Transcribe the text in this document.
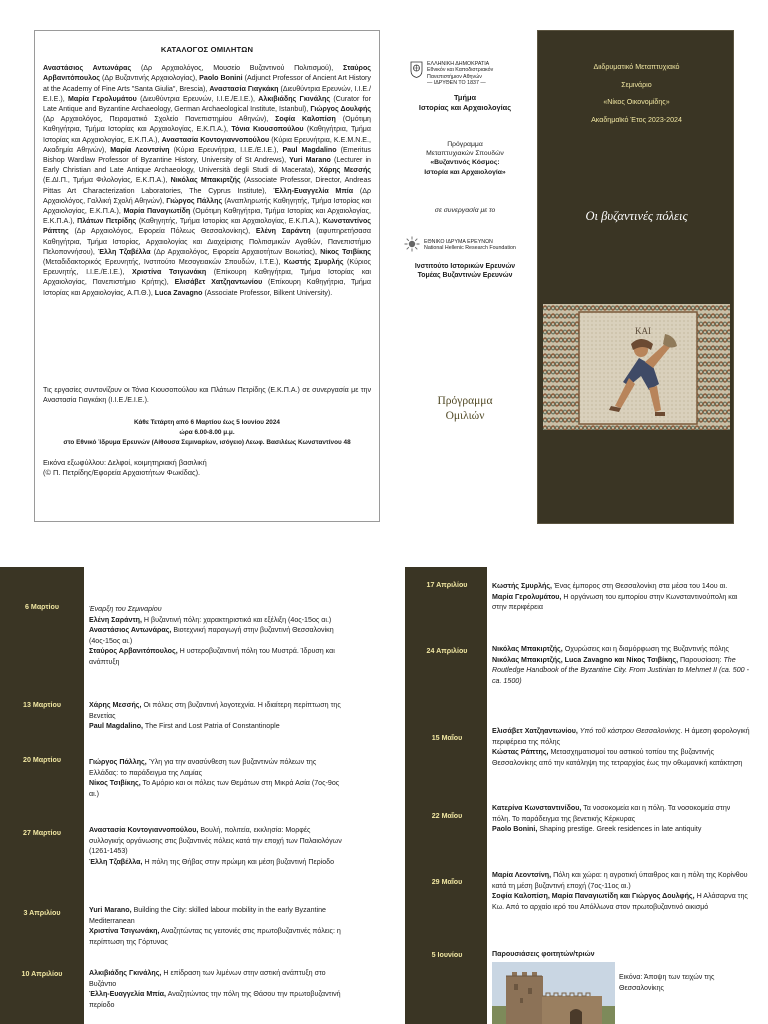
ΚΑΤΑΛΟΓΟΣ ΟΜΙΛΗΤΩΝ
Αναστάσιος Αντωνάρας (Δρ Αρχαιολόγος, Μουσείο Βυζαντινού Πολιτισμού), Σταύρος Αρβανιτόπουλος (Δρ Βυζαντινής Αρχαιολογίας), Paolo Bonini (Adjunct Professor of Ancient Art History at the Academy of Fine Arts "Santa Giulia", Brescia), Αναστασία Γιαγκάκη (Διευθύντρια Ερευνών, Ι.Ι.Ε./Ε.Ι.Ε.), Μαρία Γερολυμάτου (Διευθύντρια Ερευνών, Ι.Ι.Ε./Ε.Ι.Ε.), Αλκιβιάδης Γκινάλης (Curator for Late Antique and Byzantine Archaeology, German Archaeological Institute, Istanbul), Γιώργος Δουλφής (Δρ Αρχαιολόγος, Πειραματικό Σχολείο Πανεπιστημίου Αθηνών), Σοφία Καλοπίση (Ομότιμη Καθηγήτρια, Τμήμα Ιστορίας και Αρχαιολογίας, Ε.Κ.Π.Α.), Τόνια Κιουσοπούλου (Καθηγήτρια, Τμήμα Ιστορίας και Αρχαιολογίας, Ε.Κ.Π.Α.), Αναστασία Κοντογιαννοπούλου (Κύρια Ερευνήτρια, Κ.Ε.Μ.Ν.Ε., Ακαδημία Αθηνών), Μαρία Λεοντσίνη (Κύρια Ερευνήτρια, Ι.Ι.Ε./Ε.Ι.Ε.), Paul Magdalino (Emeritus Bishop Wardlaw Professor of Byzantine History, University of St Andrews), Yuri Marano (Lecturer in Early Christian and Late Antique Archaeology, Università degli Studi di Macerata), Χάρης Μεσσής (Ε.ΔΙ.Π., Τμήμα Φιλολογίας, Ε.Κ.Π.Α.), Νικόλας Μπακιρτζής (Associate Professor, Director, Andreas Pittas Art Characterization Laboratories, The Cyprus Institute), Έλλη-Ευαγγελία Μπία (Δρ Αρχαιολόγος, Γαλλική Σχολή Αθηνών), Γιώργος Πάλλης (Αναπληρωτής Καθηγητής, Τμήμα Ιστορίας και Αρχαιολογίας, Ε.Κ.Π.Α.), Μαρία Παναγιωτίδη (Ομότιμη Καθηγήτρια, Τμήμα Ιστορίας και Αρχαιολογίας, Ε.Κ.Π.Α.), Πλάτων Πετρίδης (Καθηγητής, Τμήμα Ιστορίας και Αρχαιολογίας, Ε.Κ.Π.Α.), Κωνσταντίνος Ράπτης (Δρ Αρχαιολόγος, Εφορεία Πόλεως Θεσσαλονίκης), Ελένη Σαράντη (αφυπηρετήσασα Καθηγήτρια, Τμήμα Ιστορίας, Αρχαιολογίας και Διαχείρισης Πολιτισμικών Αγαθών, Πανεπιστήμιο Πελοποννήσου), Έλλη Τζαβέλλα (Δρ Αρχαιολόγος, Εφορεία Αρχαιοτήτων Βοιωτίας), Νίκος Τσιβίκης (Μεταδιδακτορικός Ερευνητής, Ινστιτούτο Μεσογειακών Σπουδών, Ι.Τ.Ε.), Κωστής Σμυρλής (Κύριος Ερευνητής, Ι.Ι.Ε./Ε.Ι.Ε.), Χριστίνα Τσιγωνάκη (Επίκουρη Καθηγήτρια, Τμήμα Ιστορίας και Αρχαιολογίας, Πανεπιστήμιο Κρήτης), Ελισάβετ Χατζηαντωνίου (Επίκουρη Καθηγήτρια, Τμήμα Ιστορίας και Αρχαιολογίας, Α.Π.Θ.), Luca Zavagno (Associate Professor, Bilkent University).

Τις εργασίες συντονίζουν οι Τόνια Κιουσοπούλου και Πλάτων Πετρίδης (Ε.Κ.Π.Α.) σε συνεργασία με την Αναστασία Γιαγκάκη (Ι.Ι.Ε./Ε.Ι.Ε.).

Κάθε Τετάρτη από 6 Μαρτίου έως 5 Ιουνίου 2024
ώρα 6.00-8.00 μ.μ.
στο Εθνικό Ίδρυμα Ερευνών (Αίθουσα Σεμιναρίων, ισόγειο) Λεωφ. Βασιλέως Κωνσταντίνου 48
Εικόνα εξωφύλλου: Δελφοί, κοιμητηριακή βασιλική
(© Π. Πετρίδης/Εφορεία Αρχαιοτήτων Φωκίδας).
ΕΛΛΗΝΙΚΗ ΔΗΜΟΚΡΑΤΙΑ
Εθνικόν και Καποδιστριακόν
Πανεπιστήμιον Αθηνών
— ΙΔΡΥΘΕΝ ΤΟ 1837 —
Τμήμα
Ιστορίας και Αρχαιολογίας
Πρόγραμμα
Μεταπτυχιακών Σπουδών
«Βυζαντινός Κόσμος:
Ιστορία και Αρχαιολογία»
σε συνεργασία με το
ΕΘΝΙΚΟ ΙΔΡΥΜΑ ΕΡΕΥΝΩΝ
National Hellenic Research Foundation
Ινστιτούτο Ιστορικών Ερευνών
Τομέας Βυζαντινών Ερευνών
Πρόγραμμα
Ομιλιών
Διιδρυματικό Μεταπτυχιακό
Σεμινάριο
«Νίκος Οικονομίδης»
Ακαδημαϊκό Έτος 2023-2024
Οι βυζαντινές πόλεις
ΚΑΙ
6 Μαρτίου	Έναρξη του Σεμιναρίου
Ελένη Σαράντη, Η βυζαντινή πόλη: χαρακτηριστικά και εξέλιξη (4ος-15ος αι.)
Αναστάσιος Αντωνάρας, Βιοτεχνική παραγωγή στην βυζαντινή Θεσσαλονίκη (4ος-15ος αι.)
Σταύρος Αρβανιτόπουλος, Η υστεροβυζαντινή πόλη του Μυστρά. Ίδρυση και ανάπτυξη
13 Μαρτίου	Χάρης Μεσσής, Οι πόλεις στη βυζαντινή λογοτεχνία. Η ιδιαίτερη περίπτωση της Βενετίας
Paul Magdalino, The First and Lost Patria of Constantinople
20 Μαρτίου	Γιώργος Πάλλης, Ύλη για την ανασύνθεση των βυζαντινών πόλεων της Ελλάδας: το παράδειγμα της Λαμίας
Νίκος Τσιβίκης, Το Αμόριο και οι πόλεις των Θεμάτων στη Μικρά Ασία (7ος-9ος αι.)
27 Μαρτίου	Αναστασία Κοντογιαννοπούλου, Βουλή, πολιτεία, εκκλησία: Μορφές συλλογικής οργάνωσης στις βυζαντινές πόλεις κατά την εποχή των Παλαιολόγων (1261-1453)
Έλλη Τζαβέλλα, Η πόλη της Θήβας στην πρώιμη και μέση βυζαντινή Περίοδο
3 Απριλίου	Yuri Marano, Building the City: skilled labour mobility in the early Byzantine Mediterranean
Χριστίνα Τσιγωνάκη, Αναζητώντας τις γειτονιές στις πρωτοβυζαντινές πόλεις: η περίπτωση της Γόρτυνας
10 Απριλίου	Αλκιβιάδης Γκινάλης, Η επίδραση των λιμένων στην αστική ανάπτυξη στο Βυζάντιο
Έλλη-Ευαγγελία Μπία, Αναζητώντας την πόλη της Θάσου την πρωτοβυζαντινή περίοδο
Εικόνα: Άποψη των τειχών της Θεσσαλονίκης
17 Απριλίου	Κωστής Σμυρλής, Ένας έμπορος στη Θεσσαλονίκη στα μέσα του 14ου αι.
Μαρία Γερολυμάτου, Η οργάνωση του εμπορίου στην Κωνσταντινούπολη και στην περιφέρεια
24 Απριλίου	Νικόλας Μπακιρτζής, Οχυρώσεις και η διαμόρφωση της Βυζαντινής πόλης
Νικόλας Μπακιρτζής, Luca Zavagno και Νίκος Τσιβίκης, Παρουσίαση: The Routledge Handbook of the Byzantine City. From Justinian to Mehmet II (ca. 500 - ca. 1500)
15 Μαΐου
Ελισάβετ Χατζηαντωνίου, Υπό τοῦ κάστρου Θεσσαλονίκης. Η άμεση φορολογική περιφέρεια της πόλης
Κώστας Ράπτης, Μετασχηματισμοί του αστικού τοπίου της βυζαντινής Θεσσαλονίκης από την κατάληψη της τετραρχίας έως την οθωμανική κατάκτηση
22 Μαΐου
Κατερίνα Κωνσταντινίδου, Τα νοσοκομεία και η πόλη. Τα νοσοκομεία στην πόλη. Το παράδειγμα της βενετικής Κέρκυρας
Paolo Bonini, Shaping prestige. Greek residences in late antiquity
29 Μαΐου
Μαρία Λεοντσίνη, Πόλη και χώρα: η αγροτική ύπαιθρος και η πόλη της Κορίνθου κατά τη μέση βυζαντινή εποχή (7ος-11ος αι.)
Σοφία Καλοπίση, Μαρία Παναγιωτίδη και Γιώργος Δουλφής, Η Αλάσαρνα της Κω. Από το αρχαίο ιερό του Απόλλωνα στον πρωτοβυζαντινό οικισμό
5 Ιουνίου	Παρουσιάσεις φοιτητών/τριών
